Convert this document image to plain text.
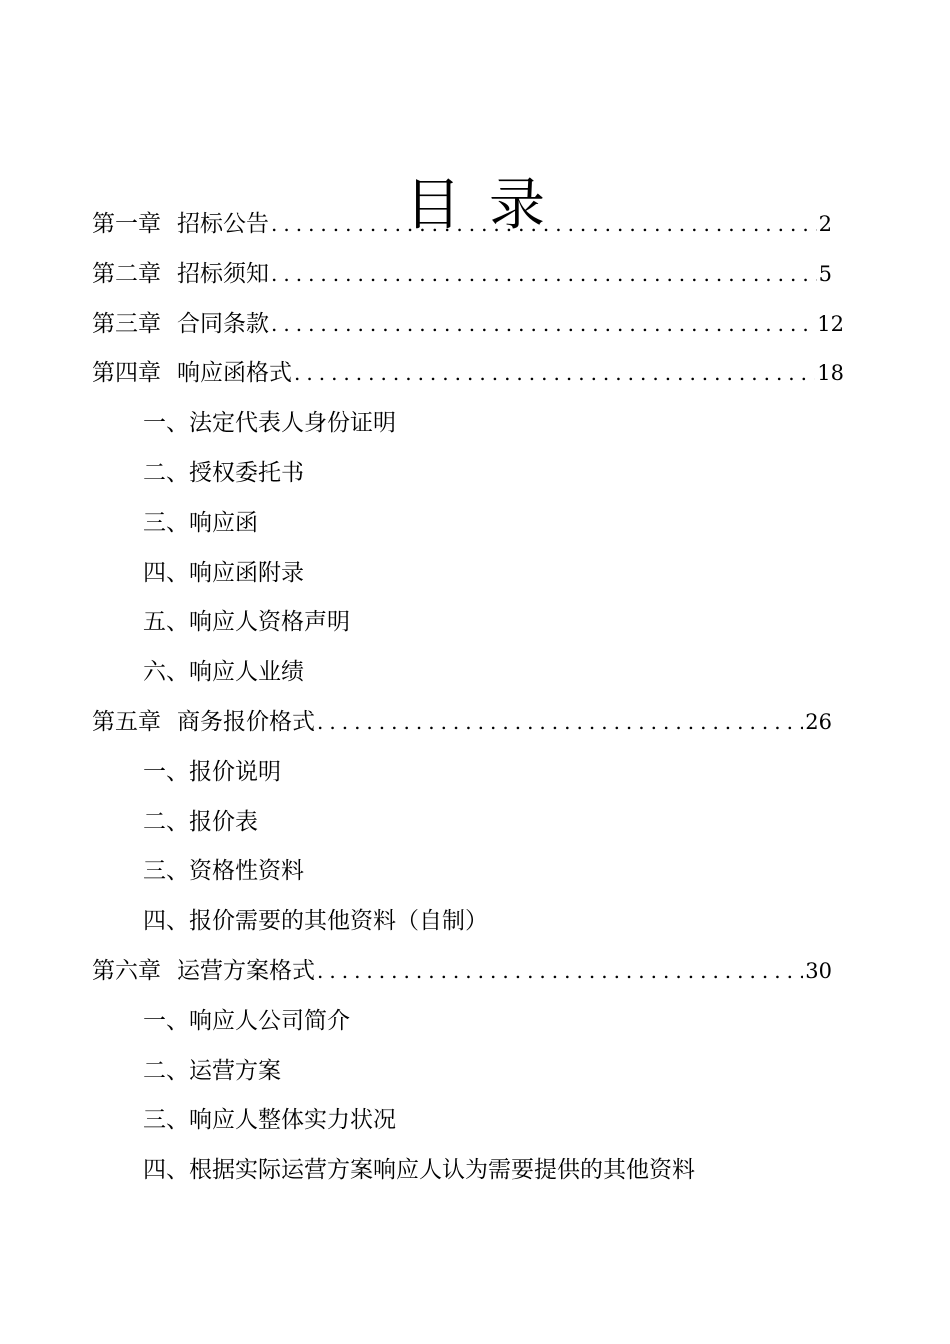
目 录
第一章 招标公告 .....	2
第二章 招标须知 .....	5
第三章 合同条款 .....	12
第四章 响应函格式 .....	18
一、法定代表人身份证明
二、授权委托书
三、响应函
四、响应函附录
五、响应人资格声明
六、响应人业绩
第五章 商务报价格式 .....	26
一、报价说明
二、报价表
三、资格性资料
四、报价需要的其他资料（自制）
第六章 运营方案格式 .....	30
一、响应人公司简介
二、运营方案
三、响应人整体实力状况
四、根据实际运营方案响应人认为需要提供的其他资料
